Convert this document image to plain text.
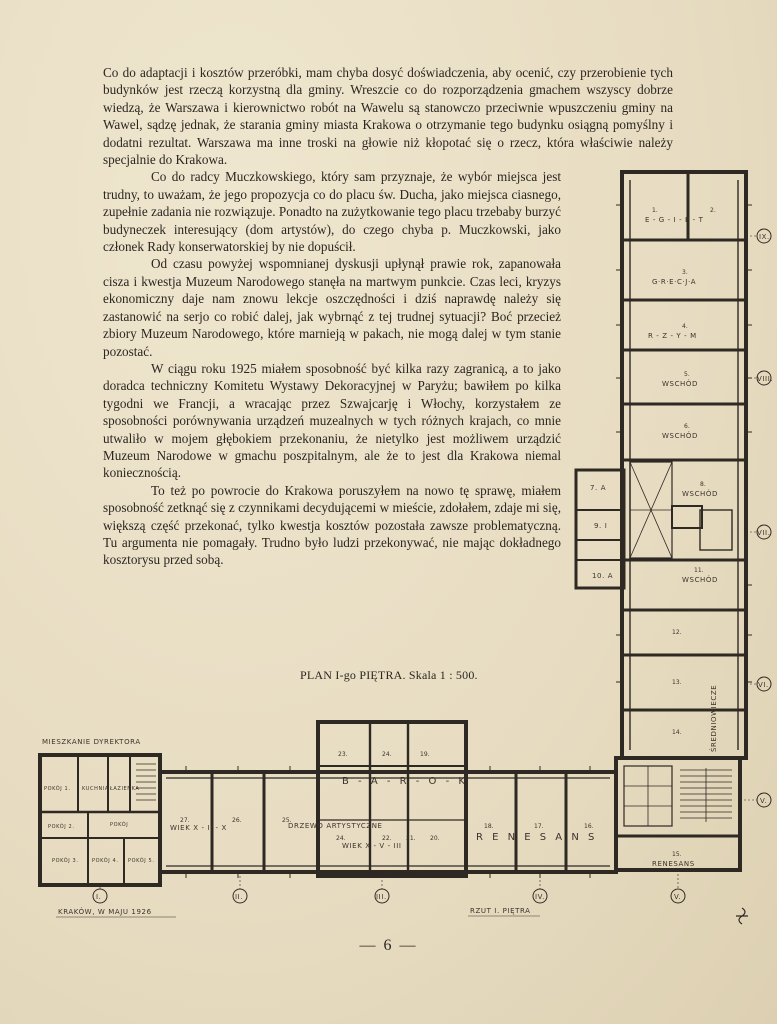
Co do adaptacji i kosztów przeróbki, mam chyba dosyć doświadczenia, aby ocenić, czy przerobienie tych budynków jest rzeczą korzystną dla gminy. Wreszcie co do rozporządzenia gmachem wszyscy dobrze wiedzą, że Warszawa i kierownictwo robót na Wawelu są stanowczo przeciwnie wpuszczeniu gminy na Wawel, sądzę jednak, że starania gminy miasta Krakowa o otrzymanie tego budynku osiągną pomyślny i dodatni rezultat. Warszawa ma inne troski na głowie niż kłopotać się o rzecz, która właściwie należy specjalnie do Krakowa.

Co do radcy Muczkowskiego, który sam przyznaje, że wybór miejsca jest trudny, to uważam, że jego propozycja co do placu św. Ducha, jako miejsca ciasnego, zupełnie zadania nie rozwiązuje. Ponadto na zużytkowanie tego placu trzebaby burzyć budyneczek interesujący (dom artystów), do czego chyba p. Muczkowski, jako członek Rady konserwatorskiej by nie dopuścił.

Od czasu powyżej wspomnianej dyskusji upłynął prawie rok, zapanowała cisza i kwestja Muzeum Narodowego stanęła na martwym punkcie. Czas leci, kryzys ekonomiczny daje nam znowu lekcje oszczędności i dziś naprawdę należy się zastanowić na serjo co robić dalej, jak wybrnąć z tej trudnej sytuacji? Boć przecież zbiory Muzeum Narodowego, które marnieją w pakach, nie mogą dalej w tym stanie pozostać.

W ciągu roku 1925 miałem sposobność być kilka razy zagranicą, a to jako doradca techniczny Komitetu Wystawy Dekoracyjnej w Paryżu; bawiłem po kilka tygodni we Francji, a wracając przez Szwajcarję i Włochy, korzystałem ze sposobności porównywania urządzeń muzealnych w tych różnych krajach, co mnie utwaliło w mojem głębokiem przekonaniu, że nietylko jest możliwem urządzić Muzeum Narodowe w gmachu poszpitalnym, ale że to jest dla Krakowa niemal koniecznością.

To też po powrocie do Krakowa poruszyłem na nowo tę sprawę, miałem sposobność zetknąć się z czynnikami decydującemi w mieście, zdołałem, zdaje mi się, większą część przekonać, tylko kwestja kosztów pozostała zawsze problematyczną. Tu argumenta nie pomagały. Trudno było ludzi przekonywać, nie mając dokładnego kosztorysu przed sobą.

PLAN I-go PIĘTRA. Skala 1 : 500.
1.	2.
E - G - I - P - T
3.
G·R·E·C·J·A
4.
R - Z - Y - M
5.
WSCHÓD
6.
WSCHÓD
8.
WSCHÓD
7. A
9. I
10. A
11.
WSCHÓD
12.
13.
14.	ŚREDNIOWIECZE
15.
RENESANS
IX.
VIII.
VII.
VI.
V.
MIESZKANIE DYREKTORA
POKÓJ 1. KUCHNIA ŁAZIENKA
POKÓJ 2.	POKÓJ
POKÓJ 3.	POKÓJ 4. POKÓJ 5.
23.	24.	19.
B - A - R - O - K
WIEK X - II - X	DRZEWO ARTYSTYCZNE
WIEK X - V - III
R E N E S A N S
27.	26.	25.
24.	22. 21. 20.
18.	17.	16.
I.	II.	III.	IV.	V.
KRAKÓW, W MAJU 1926	RZUT I. PIĘTRA
— 6 —
